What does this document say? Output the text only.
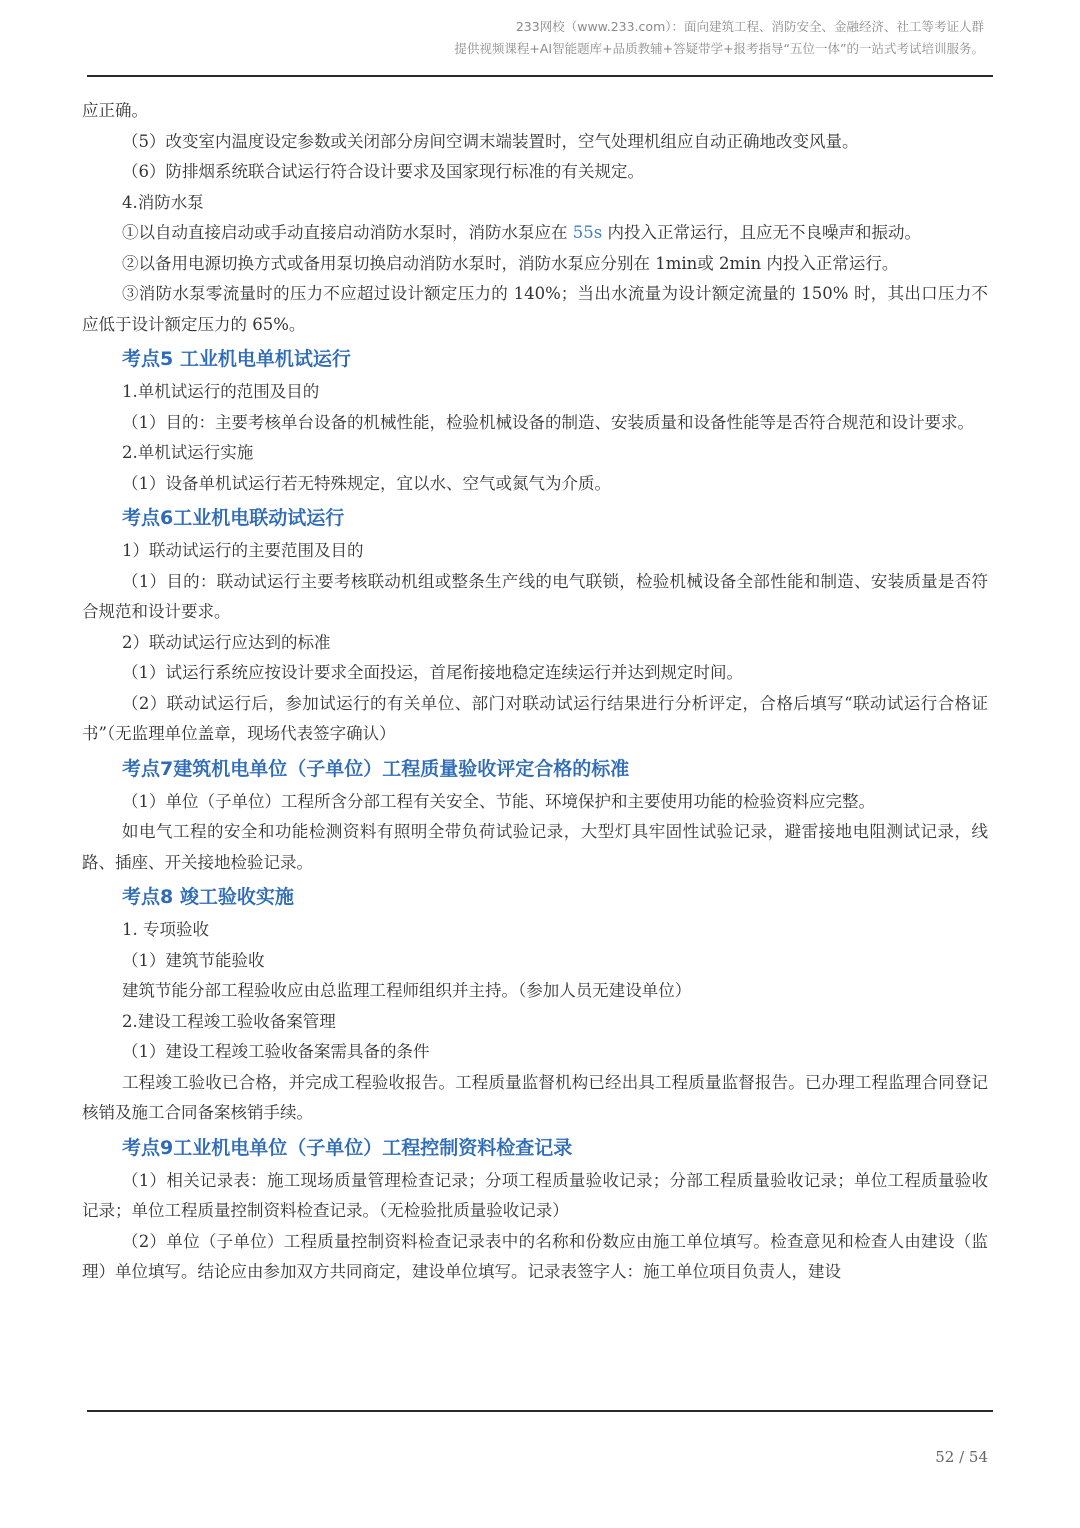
233网校（www.233.com）：面向建筑工程、消防安全、金融经济、社工等考证人群
提供视频课程+AI智能题库+品质教辅+答疑带学+报考指导“五位一体”的一站式考试培训服务。

应正确。

（5）改变室内温度设定参数或关闭部分房间空调末端装置时，空气处理机组应自动正确地改变风量。

（6）防排烟系统联合试运行符合设计要求及国家现行标准的有关规定。

4.消防水泵

①以自动直接启动或手动直接启动消防水泵时，消防水泵应在 55s 内投入正常运行，且应无不良噪声和振动。

②以备用电源切换方式或备用泵切换启动消防水泵时，消防水泵应分别在 1min或 2min 内投入正常运行。

③消防水泵零流量时的压力不应超过设计额定压力的 140%；当出水流量为设计额定流量的 150% 时，其出口压力不应低于设计额定压力的 65%。

考点5 工业机电单机试运行

1.单机试运行的范围及目的

（1）目的：主要考核单台设备的机械性能，检验机械设备的制造、安装质量和设备性能等是否符合规范和设计要求。

2.单机试运行实施

（1）设备单机试运行若无特殊规定，宜以水、空气或氮气为介质。

考点6工业机电联动试运行

1）联动试运行的主要范围及目的

（1）目的：联动试运行主要考核联动机组或整条生产线的电气联锁，检验机械设备全部性能和制造、安装质量是否符合规范和设计要求。

2）联动试运行应达到的标准

（1）试运行系统应按设计要求全面投运，首尾衔接地稳定连续运行并达到规定时间。

（2）联动试运行后，参加试运行的有关单位、部门对联动试运行结果进行分析评定，合格后填写“联动试运行合格证书”（无监理单位盖章，现场代表签字确认）

考点7建筑机电单位（子单位）工程质量验收评定合格的标准

（1）单位（子单位）工程所含分部工程有关安全、节能、环境保护和主要使用功能的检验资料应完整。

如电气工程的安全和功能检测资料有照明全带负荷试验记录，大型灯具牢固性试验记录，避雷接地电阻测试记录，线路、插座、开关接地检验记录。

考点8 竣工验收实施

1. 专项验收

（1）建筑节能验收

建筑节能分部工程验收应由总监理工程师组织并主持。（参加人员无建设单位）

2.建设工程竣工验收备案管理

（1）建设工程竣工验收备案需具备的条件

工程竣工验收已合格，并完成工程验收报告。工程质量监督机构已经出具工程质量监督报告。已办理工程监理合同登记核销及施工合同备案核销手续。

考点9工业机电单位（子单位）工程控制资料检查记录

（1）相关记录表：施工现场质量管理检查记录；分项工程质量验收记录；分部工程质量验收记录；单位工程质量验收记录；单位工程质量控制资料检查记录。（无检验批质量验收记录）

（2）单位（子单位）工程质量控制资料检查记录表中的名称和份数应由施工单位填写。检查意见和检查人由建设（监理）单位填写。结论应由参加双方共同商定，建设单位填写。记录表签字人：施工单位项目负责人，建设

52 / 54
